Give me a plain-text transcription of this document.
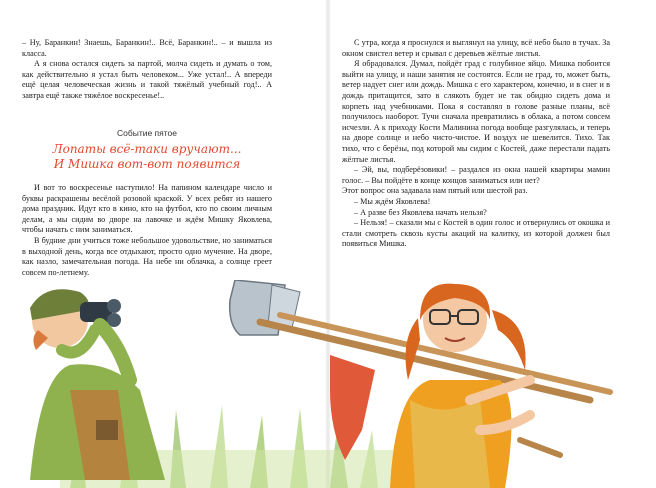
– Ну, Баранкин! Знаешь, Баранкин!.. Всё, Баранкин!.. – и вышла из класса.

А я снова остался сидеть за партой, молча сидеть и думать о том, как действительно я устал быть человеком... Уже устал!.. А впереди ещё целая человеческая жизнь и такой тяжёлый учебный год!.. А завтра ещё также тяжёлое воскресенье!..

Событие пятое
Лопаты всё-таки вручают...
И Мишка вот-вот появится

И вот то воскресенье наступило! На папином календаре число и буквы раскрашены весёлой розовой краской. У всех ребят из нашего дома праздник. Идут кто в кино, кто на футбол, кто по своим личным делам, а мы сидим во дворе на лавочке и ждём Мишку Яковлева, чтобы начать с ним заниматься.

В будние дни учиться тоже небольшое удовольствие, но заниматься в выходной день, когда все отдыхают, просто одно мучение. На дворе, как назло, замечательная погода. На небе ни облачка, а солнце греет совсем по-летнему.

С утра, когда я проснулся и выглянул на улицу, всё небо было в тучах. За окном свистел ветер и срывал с деревьев жёлтые листья.

Я обрадовался. Думал, пойдёт град с голубиное яйцо. Мишка побоится выйти на улицу, и наши занятия не состоятся. Если не град, то, может быть, ветер надует снег или дождь. Мишка с его характером, конечно, и в снег и в дождь притащится, зато в слякоть будет не так обидно сидеть дома и корпеть над учебниками. Пока я составлял в голове разные планы, всё получилось наоборот. Тучи сначала превратились в облака, а потом совсем исчезли. А к приходу Кости Малинина погода вообще разгулялась, и теперь на дворе солнце и небо чисто-чистое. И воздух не шевелится. Тихо. Так тихо, что с берёзы, под которой мы сидим с Костей, даже перестали падать жёлтые листья.

– Эй, вы, подберёзовики! – раздался из окна нашей квартиры мамин голос. – Вы пойдёте в конце концов заниматься или нет?

Этот вопрос она задавала нам пятый или шестой раз.

– Мы ждём Яковлева!

– А разве без Яковлева начать нельзя?

– Нельзя! – сказали мы с Костей в один голос и отвернулись от окошка и стали смотреть сквозь кусты акаций на калитку, из которой должен был появиться Мишка.
